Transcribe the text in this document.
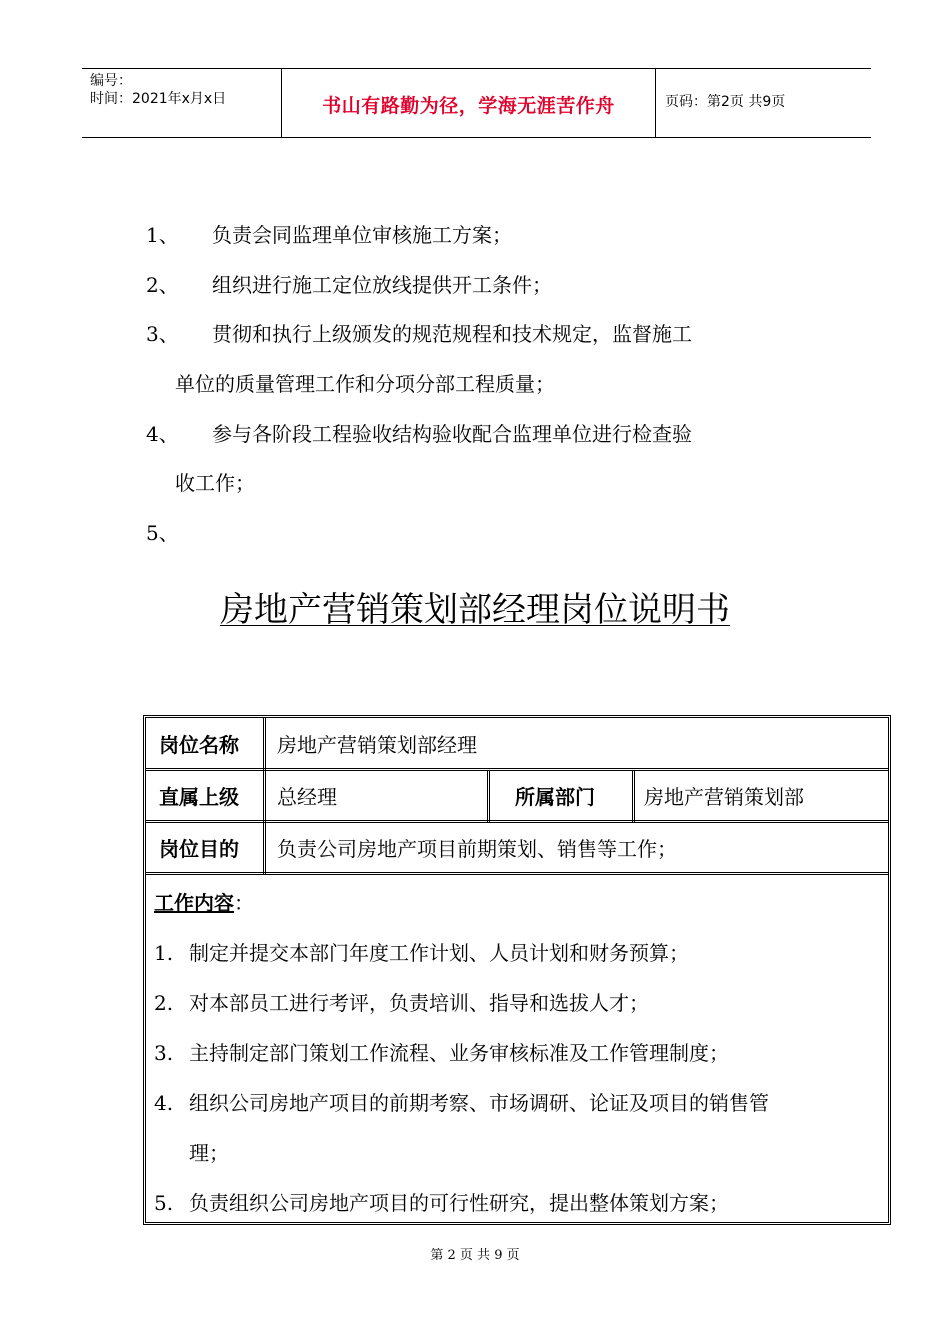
编号：
时间：2021年x月x日	书山有路勤为径，学海无涯苦作舟	页码：第2页 共9页
1、 负责会同监理单位审核施工方案；
2、 组织进行施工定位放线提供开工条件；
3、 贯彻和执行上级颁发的规范规程和技术规定，监督施工
单位的质量管理工作和分项分部工程质量；
4、 参与各阶段工程验收结构验收配合监理单位进行检查验
收工作；
5、
房地产营销策划部经理岗位说明书
岗位名称 房地产营销策划部经理
直属上级 总经理	所属部门 房地产营销策划部
岗位目的 负责公司房地产项目前期策划、销售等工作；
工作内容：
1. 制定并提交本部门年度工作计划、人员计划和财务预算；
2. 对本部员工进行考评，负责培训、指导和选拔人才；
3. 主持制定部门策划工作流程、业务审核标准及工作管理制度；
4. 组织公司房地产项目的前期考察、市场调研、论证及项目的销售管
理；
5. 负责组织公司房地产项目的可行性研究，提出整体策划方案；
第 2 页 共 9 页
